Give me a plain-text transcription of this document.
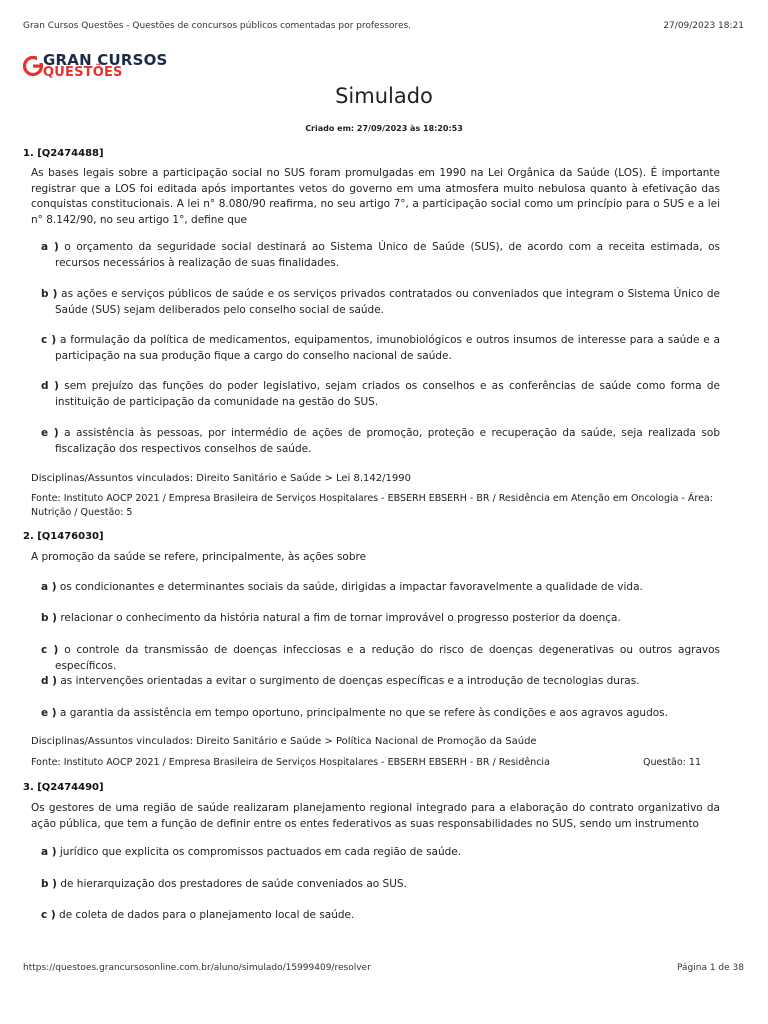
Gran Cursos Questões - Questões de concursos públicos comentadas por professores.	27/09/2023 18:21
GRAN CURSOS
QUESTÕES
Simulado
Criado em: 27/09/2023 às 18:20:53
1. [Q2474488]
As bases legais sobre a participação social no SUS foram promulgadas em 1990 na Lei Orgânica da Saúde (LOS). É importante registrar que a LOS foi editada após importantes vetos do governo em uma atmosfera muito nebulosa quanto à efetivação das conquistas constitucionais. A lei n° 8.080/90 reafirma, no seu artigo 7°, a participação social como um princípio para o SUS e a lei n° 8.142/90, no seu artigo 1°, define que
a ) o orçamento da seguridade social destinará ao Sistema Único de Saúde (SUS), de acordo com a receita estimada, os recursos necessários à realização de suas finalidades.
b ) as ações e serviços públicos de saúde e os serviços privados contratados ou conveniados que integram o Sistema Único de Saúde (SUS) sejam deliberados pelo conselho social de saúde.
c ) a formulação da política de medicamentos, equipamentos, imunobiológicos e outros insumos de interesse para a saúde e a participação na sua produção fique a cargo do conselho nacional de saúde.
d ) sem prejuízo das funções do poder legislativo, sejam criados os conselhos e as conferências de saúde como forma de instituição de participação da comunidade na gestão do SUS.
e ) a assistência às pessoas, por intermédio de ações de promoção, proteção e recuperação da saúde, seja realizada sob fiscalização dos respectivos conselhos de saúde.
Disciplinas/Assuntos vinculados: Direito Sanitário e Saúde > Lei 8.142/1990
Fonte: Instituto AOCP 2021 / Empresa Brasileira de Serviços Hospitalares - EBSERH EBSERH - BR / Residência em Atenção em Oncologia - Área: Nutrição / Questão: 5
2. [Q1476030]
A promoção da saúde se refere, principalmente, às ações sobre
a ) os condicionantes e determinantes sociais da saúde, dirigidas a impactar favoravelmente a qualidade de vida.
b ) relacionar o conhecimento da história natural a fim de tornar improvável o progresso posterior da doença.
c ) o controle da transmissão de doenças infecciosas e a redução do risco de doenças degenerativas ou outros agravos específicos.
d ) as intervenções orientadas a evitar o surgimento de doenças específicas e a introdução de tecnologias duras.
e ) a garantia da assistência em tempo oportuno, principalmente no que se refere às condições e aos agravos agudos.
Disciplinas/Assuntos vinculados: Direito Sanitário e Saúde > Política Nacional de Promoção da Saúde
Fonte: Instituto AOCP 2021 / Empresa Brasileira de Serviços Hospitalares - EBSERH EBSERH - BR / Residência	Questão: 11
3. [Q2474490]
Os gestores de uma região de saúde realizaram planejamento regional integrado para a elaboração do contrato organizativo da ação pública, que tem a função de definir entre os entes federativos as suas responsabilidades no SUS, sendo um instrumento
a ) jurídico que explicita os compromissos pactuados em cada região de saúde.
b ) de hierarquização dos prestadores de saúde conveniados ao SUS.
c ) de coleta de dados para o planejamento local de saúde.
https://questoes.grancursosonline.com.br/aluno/simulado/15999409/resolver	Página 1 de 38
